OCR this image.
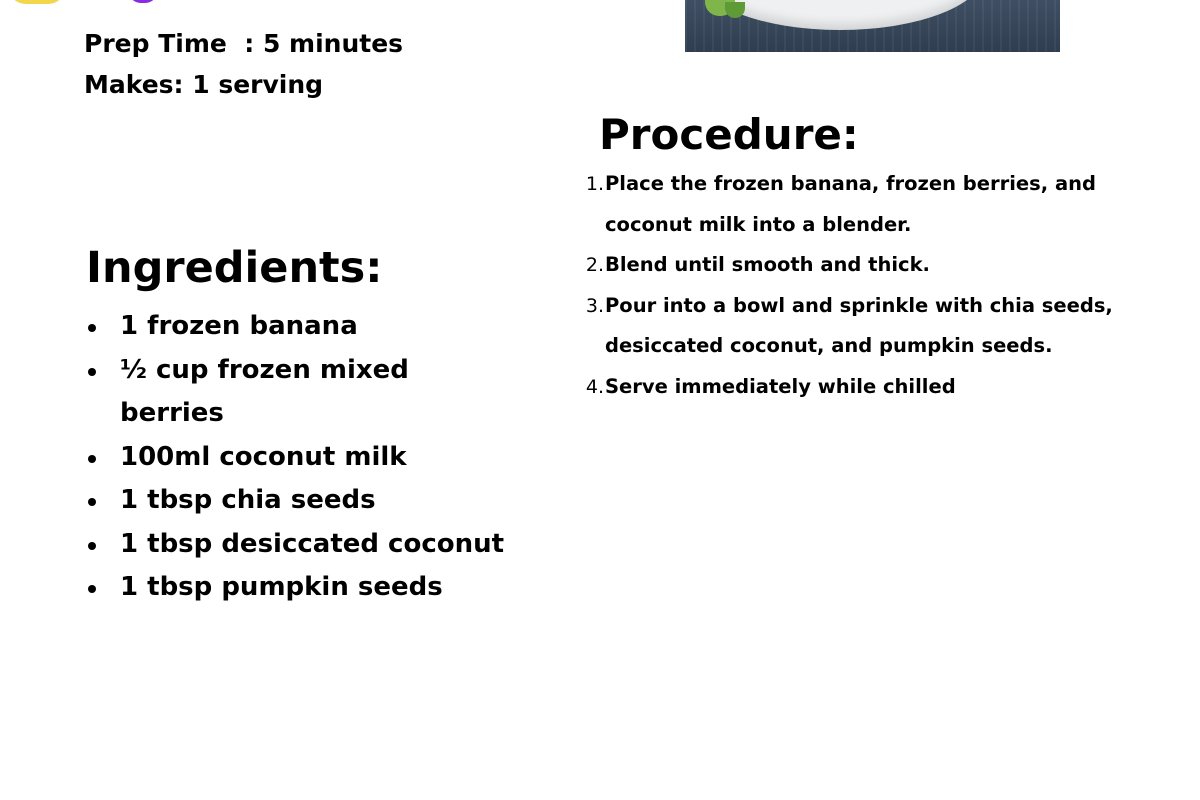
Prep Time  : 5 minutes
Makes: 1 serving
Ingredients:
1 frozen banana
½ cup frozen mixed berries
100ml coconut milk
1 tbsp chia seeds
1 tbsp desiccated coconut
1 tbsp pumpkin seeds
Procedure:
1. Place the frozen banana, frozen berries, and coconut milk into a blender.
2. Blend until smooth and thick.
3. Pour into a bowl and sprinkle with chia seeds, desiccated coconut, and pumpkin seeds.
4. Serve immediately while chilled
